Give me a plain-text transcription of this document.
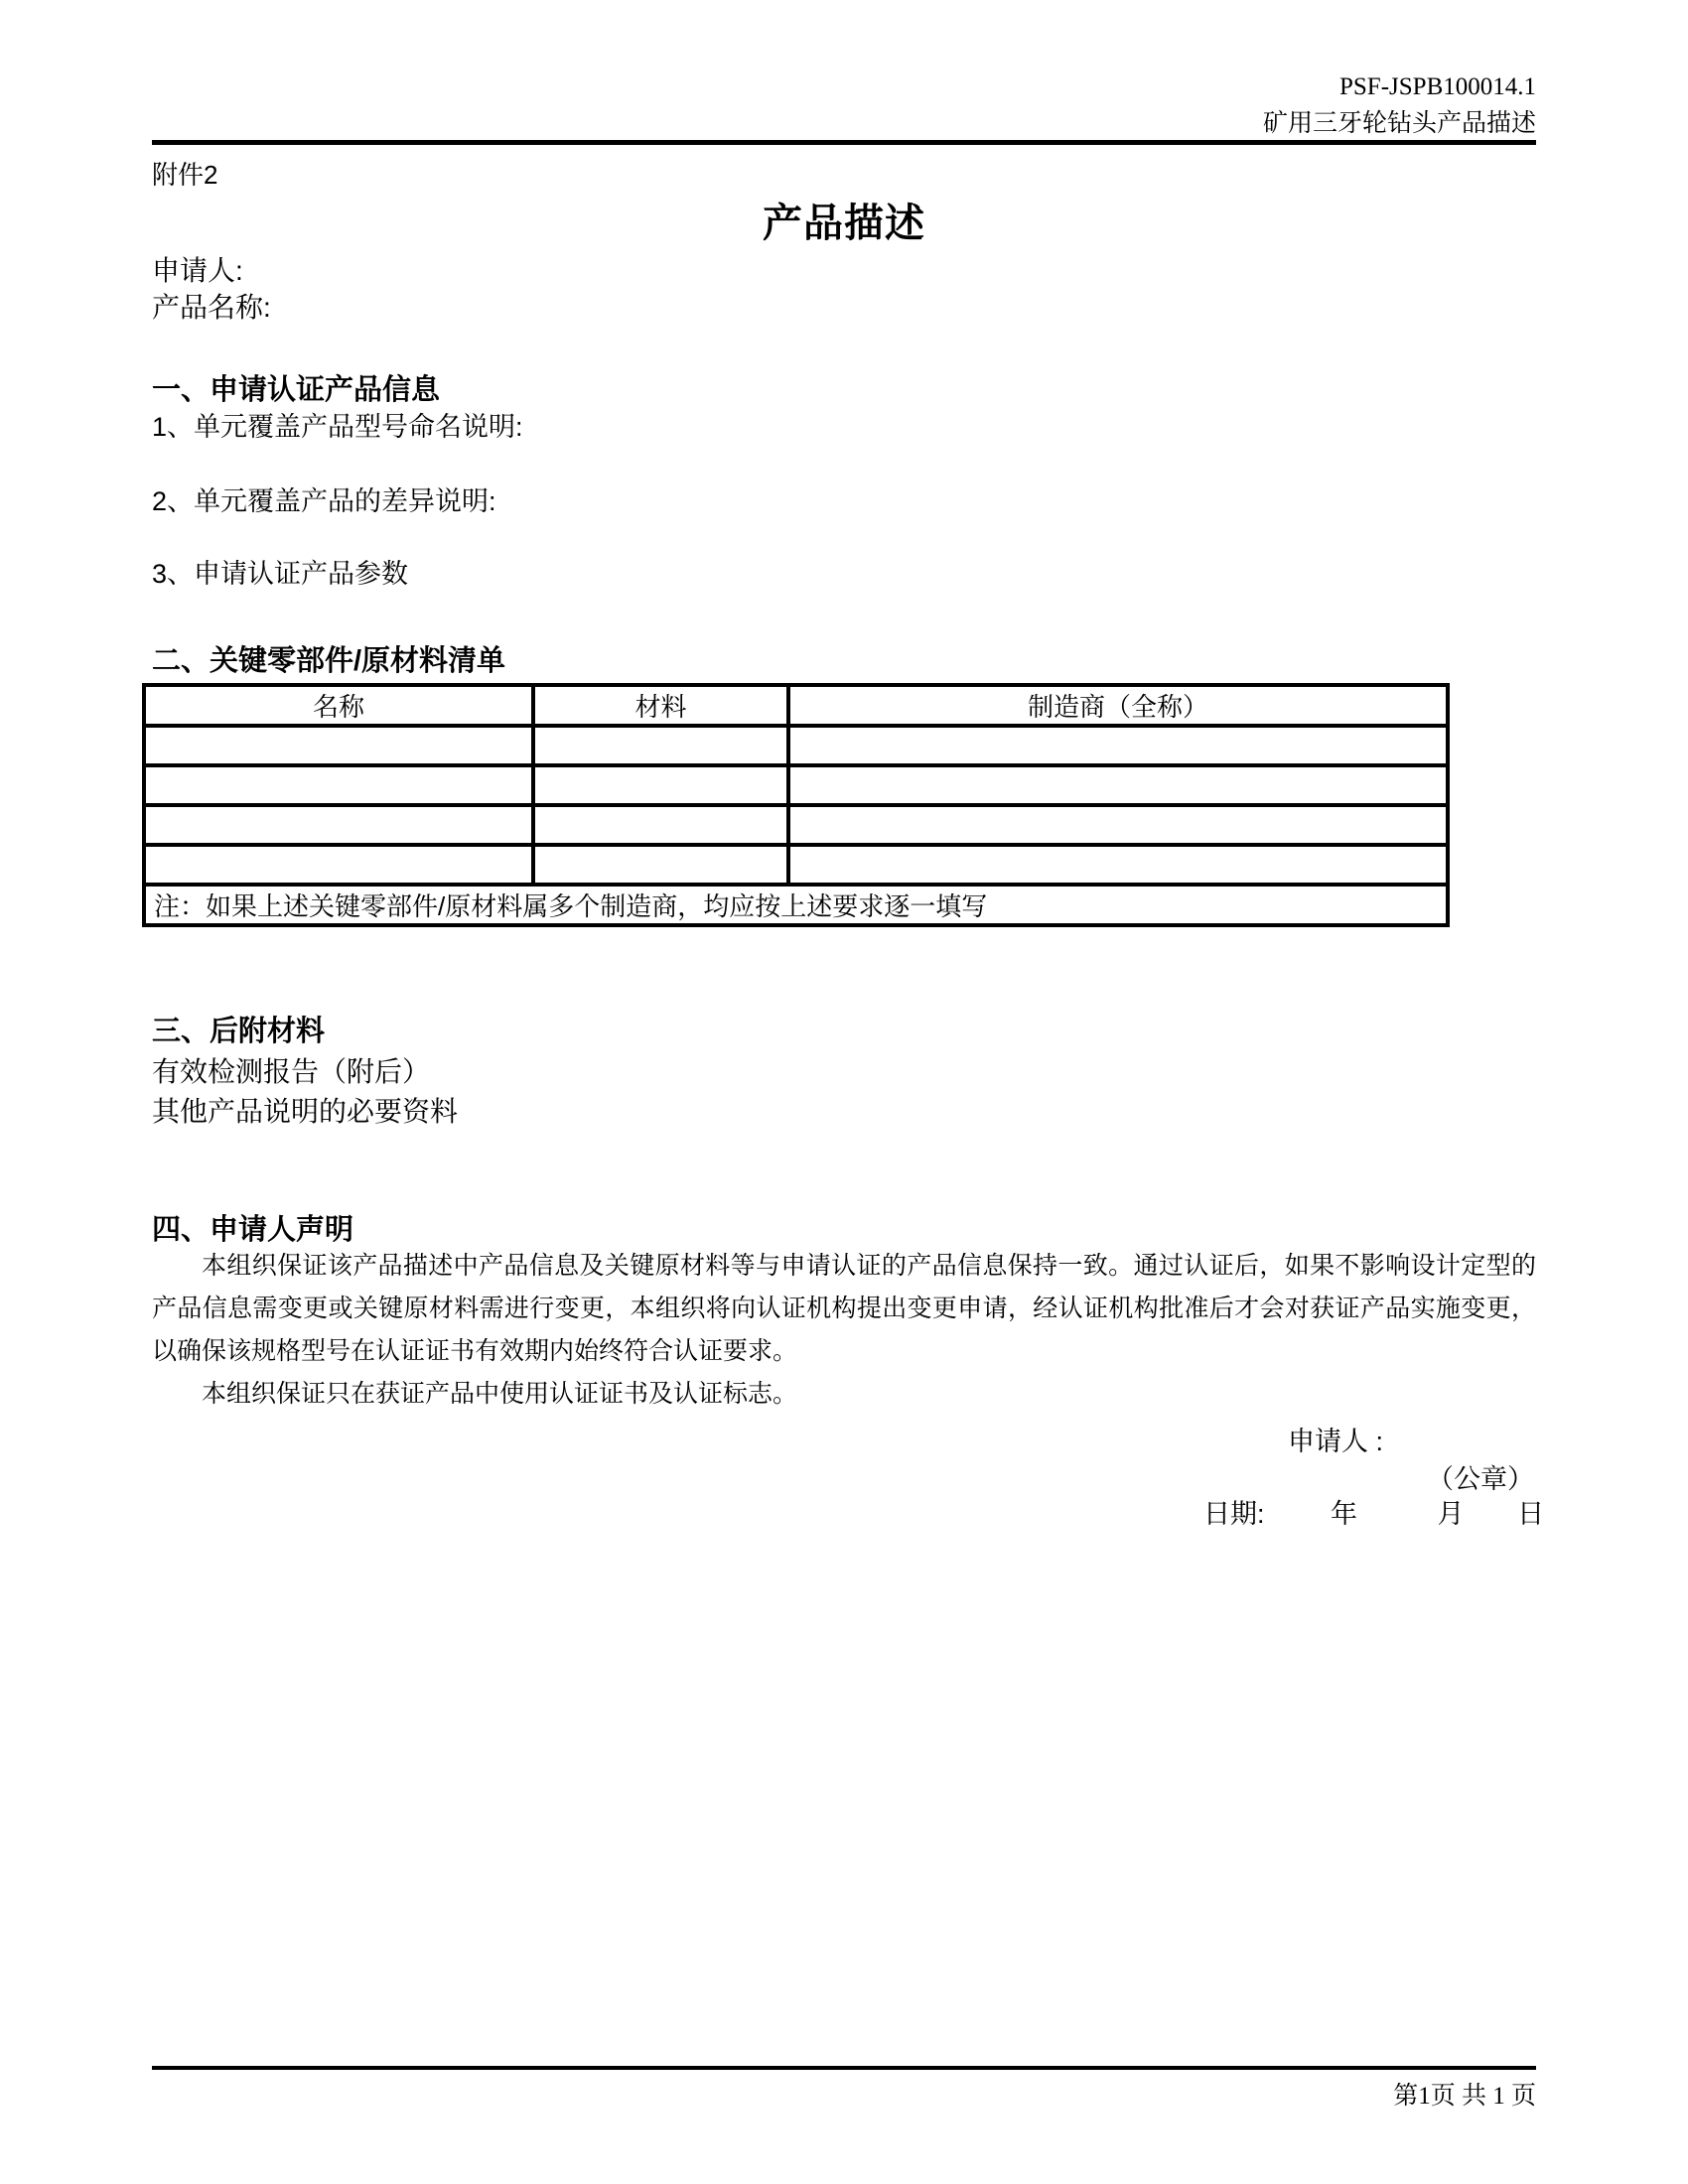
PSF-JSPB100014.1
矿用三牙轮钻头产品描述
附件2
产品描述
申请人:
产品名称:
一、申请认证产品信息
1、单元覆盖产品型号命名说明:
2、单元覆盖产品的差异说明:
3、申请认证产品参数
二、关键零部件/原材料清单
名称	材料	制造商（全称）

注：如果上述关键零部件/原材料属多个制造商，均应按上述要求逐一填写		
三、后附材料
有效检测报告（附后）
其他产品说明的必要资料
四、申请人声明

本组织保证该产品描述中产品信息及关键原材料等与申请认证的产品信息保持一致。通过认证后，如果不影响设计定型的产品信息需变更或关键原材料需进行变更，本组织将向认证机构提出变更申请，经认证机构批准后才会对获证产品实施变更，以确保该规格型号在认证证书有效期内始终符合认证要求。

本组织保证只在获证产品中使用认证证书及认证标志。

申请人 :
（公章）
日期: 年	月 日
第1页 共 1 页
